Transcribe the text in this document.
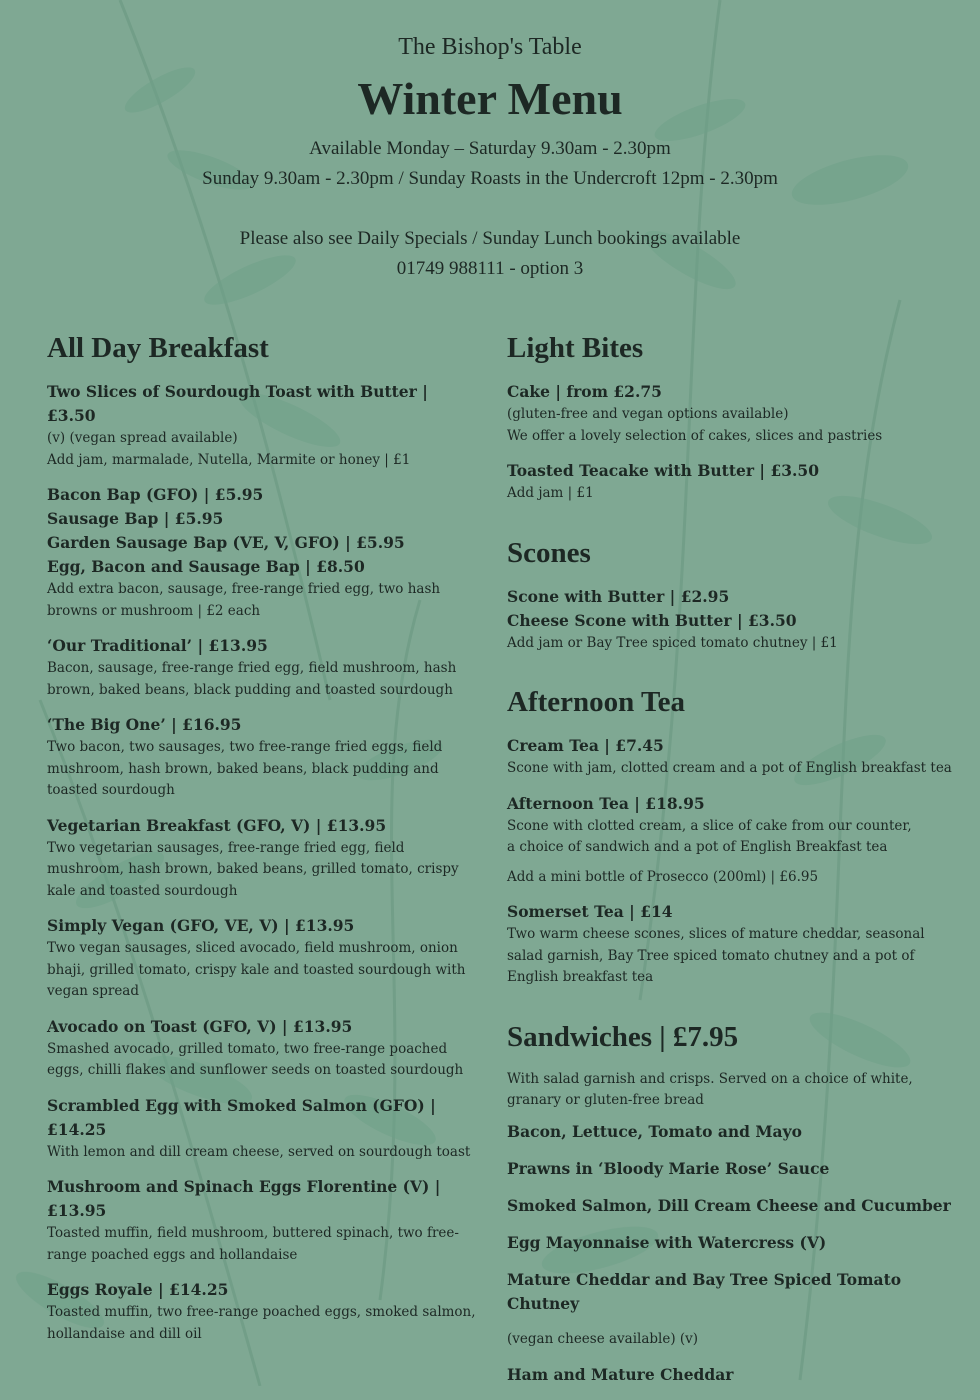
The Bishop's Table

Winter Menu

Available Monday – Saturday 9.30am - 2.30pm

Sunday 9.30am - 2.30pm / Sunday Roasts in the Undercroft 12pm - 2.30pm

Please also see Daily Specials / Sunday Lunch bookings available

01749 988111 - option 3

All Day Breakfast

Two Slices of Sourdough Toast with Butter | £3.50

(v) (vegan spread available)

Add jam, marmalade, Nutella, Marmite or honey | £1

Bacon Bap (GFO) | £5.95

Sausage Bap | £5.95

Garden Sausage Bap (VE, V, GFO) | £5.95

Egg, Bacon and Sausage Bap | £8.50

Add extra bacon, sausage, free-range fried egg, two hash browns or mushroom | £2 each

‘Our Traditional’ | £13.95

Bacon, sausage, free-range fried egg, field mushroom, hash brown, baked beans, black pudding and toasted sourdough

‘The Big One’ | £16.95

Two bacon, two sausages, two free-range fried eggs, field mushroom, hash brown, baked beans, black pudding and toasted sourdough

Vegetarian Breakfast (GFO, V) | £13.95

Two vegetarian sausages, free-range fried egg, field mushroom, hash brown, baked beans, grilled tomato, crispy kale and toasted sourdough

Simply Vegan (GFO, VE, V) | £13.95

Two vegan sausages, sliced avocado, field mushroom, onion bhaji, grilled tomato, crispy kale and toasted sourdough with vegan spread

Avocado on Toast (GFO, V) | £13.95

Smashed avocado, grilled tomato, two free-range poached eggs, chilli flakes and sunflower seeds on toasted sourdough

Scrambled Egg with Smoked Salmon (GFO) | £14.25

With lemon and dill cream cheese, served on sourdough toast

Mushroom and Spinach Eggs Florentine (V) | £13.95

Toasted muffin, field mushroom, buttered spinach, two free-range poached eggs and hollandaise

Eggs Royale | £14.25

Toasted muffin, two free-range poached eggs, smoked salmon, hollandaise and dill oil

Light Bites

Cake | from £2.75

(gluten-free and vegan options available)

We offer a lovely selection of cakes, slices and pastries

Toasted Teacake with Butter | £3.50

Add jam | £1

Scones

Scone with Butter | £2.95

Cheese Scone with Butter | £3.50

Add jam or Bay Tree spiced tomato chutney | £1

Afternoon Tea

Cream Tea | £7.45

Scone with jam, clotted cream and a pot of English breakfast tea

Afternoon Tea | £18.95

Scone with clotted cream, a slice of cake from our counter,

a choice of sandwich and a pot of English Breakfast tea

Add a mini bottle of Prosecco (200ml) | £6.95

Somerset Tea | £14

Two warm cheese scones, slices of mature cheddar, seasonal salad garnish, Bay Tree spiced tomato chutney and a pot of English breakfast tea

Sandwiches | £7.95

With salad garnish and crisps. Served on a choice of white, granary or gluten-free bread

Bacon, Lettuce, Tomato and Mayo

Prawns in ‘Bloody Marie Rose’ Sauce

Smoked Salmon, Dill Cream Cheese and Cucumber

Egg Mayonnaise with Watercress (V)

Mature Cheddar and Bay Tree Spiced Tomato Chutney

(vegan cheese available) (v)

Ham and Mature Cheddar
